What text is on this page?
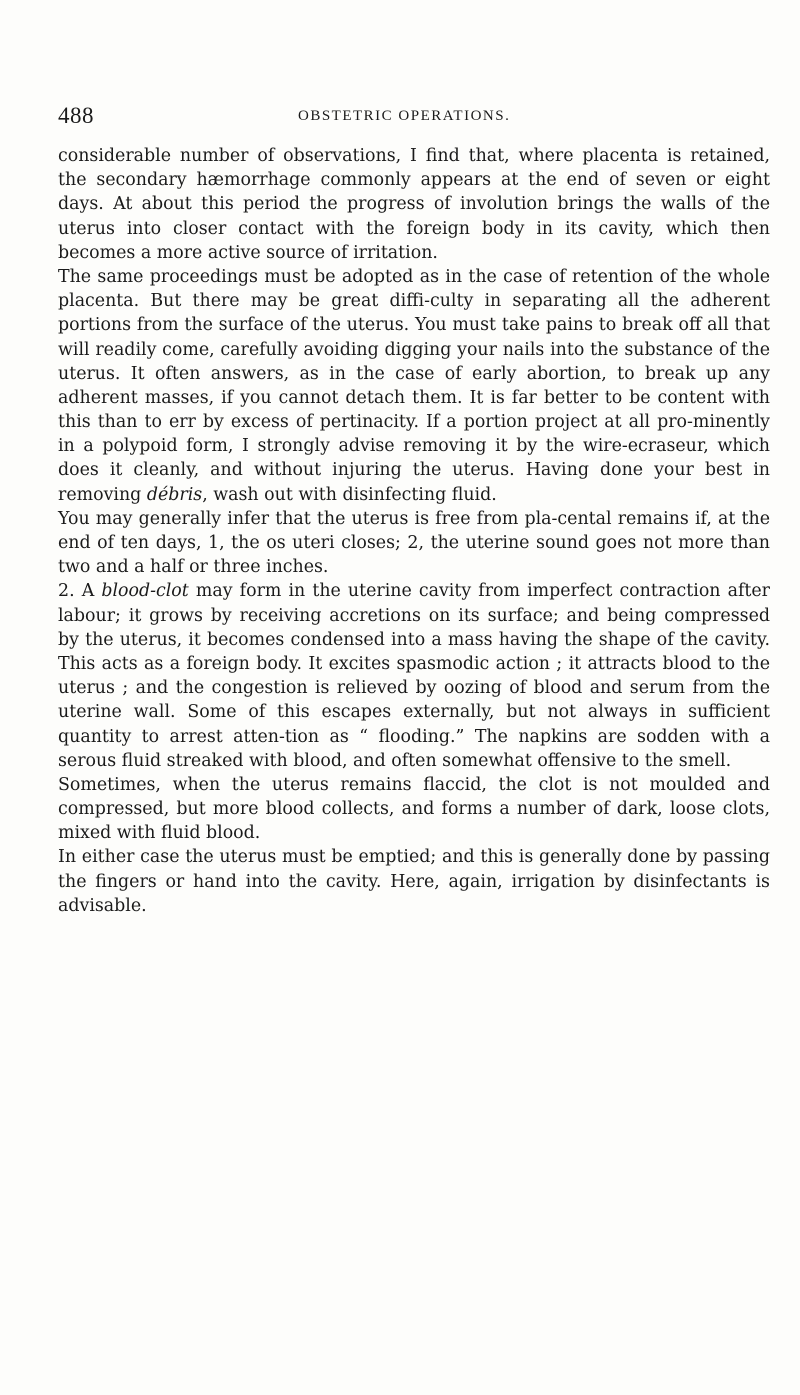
488	OBSTETRIC OPERATIONS.

considerable number of observations, I find that, where placenta is retained, the secondary hæmorrhage commonly appears at the end of seven or eight days. At about this period the progress of involution brings the walls of the uterus into closer contact with the foreign body in its cavity, which then becomes a more active source of irritation.

The same proceedings must be adopted as in the case of retention of the whole placenta. But there may be great diffi-culty in separating all the adherent portions from the surface of the uterus. You must take pains to break off all that will readily come, carefully avoiding digging your nails into the substance of the uterus. It often answers, as in the case of early abortion, to break up any adherent masses, if you cannot detach them. It is far better to be content with this than to err by excess of pertinacity. If a portion project at all pro-minently in a polypoid form, I strongly advise removing it by the wire-ecraseur, which does it cleanly, and without injuring the uterus. Having done your best in removing débris, wash out with disinfecting fluid.

You may generally infer that the uterus is free from pla-cental remains if, at the end of ten days, 1, the os uteri closes; 2, the uterine sound goes not more than two and a half or three inches.

2. A blood-clot may form in the uterine cavity from imperfect contraction after labour; it grows by receiving accretions on its surface; and being compressed by the uterus, it becomes condensed into a mass having the shape of the cavity. This acts as a foreign body. It excites spasmodic action ; it attracts blood to the uterus ; and the congestion is relieved by oozing of blood and serum from the uterine wall. Some of this escapes externally, but not always in sufficient quantity to arrest atten-tion as “ flooding.” The napkins are sodden with a serous fluid streaked with blood, and often somewhat offensive to the smell.

Sometimes, when the uterus remains flaccid, the clot is not moulded and compressed, but more blood collects, and forms a number of dark, loose clots, mixed with fluid blood.

In either case the uterus must be emptied; and this is generally done by passing the fingers or hand into the cavity. Here, again, irrigation by disinfectants is advisable.
